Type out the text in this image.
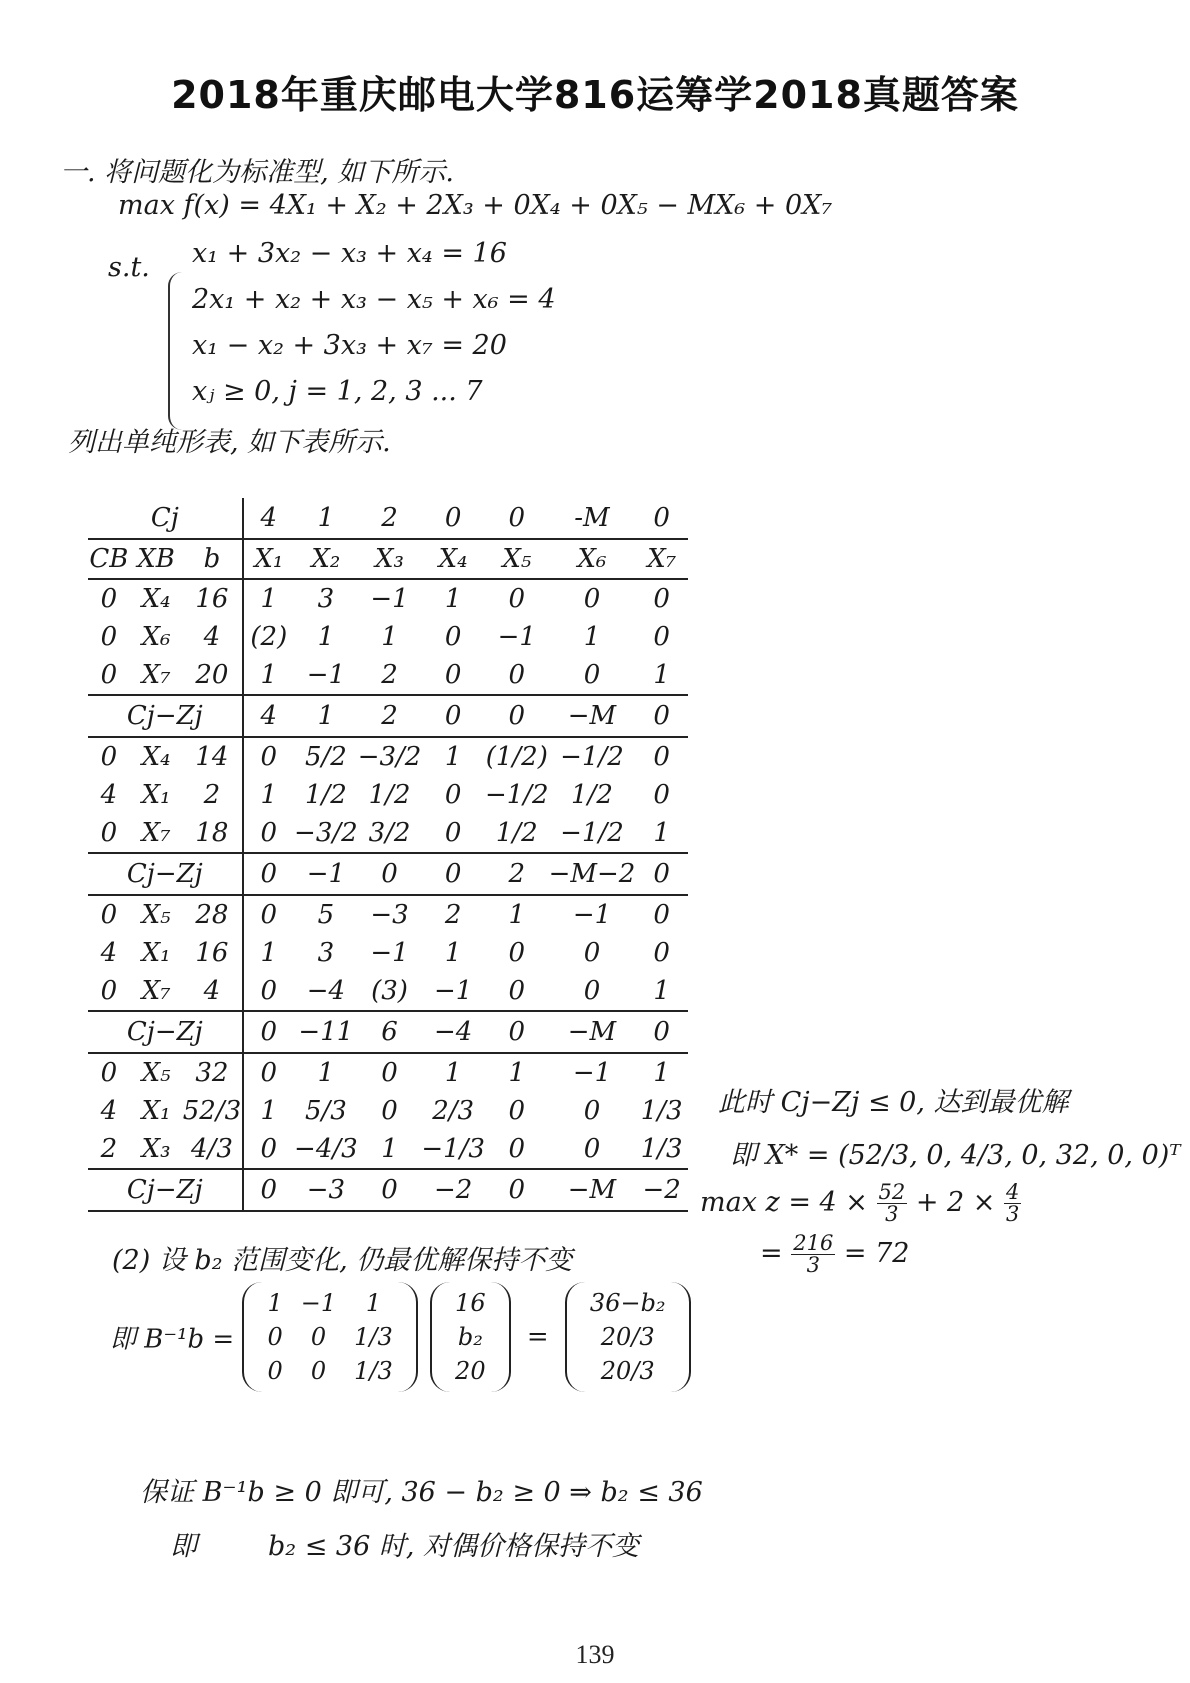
2018年重庆邮电大学816运筹学2018真题答案
一. 将问题化为标准型, 如下所示.
max f(x) = 4X₁ + X₂ + 2X₃ + 0X₄ + 0X₅ − MX₆ + 0X₇
s.t. x₁ + 3x₂ − x₃ + x₄ = 16
2x₁ + x₂ + x₃ − x₅ + x₆ = 4
x₁ − x₂ + 3x₃ + x₇ = 20
xⱼ ≥ 0, j = 1, 2, 3 ... 7
列出单纯形表, 如下表所示.
Cj			4	1	2	0	0	-M	0
CB	XB	b	X₁	X₂	X₃	X₄	X₅	X₆	X₇
0	X₄	16	1	3	−1	1	0	0	0
0	X₆	4	(2)	1	1	0	−1	1	0
0	X₇	20	1	−1	2	0	0	0	1
Cj−Zj			4	1	2	0	0	−M	0
0	X₄	14	0	5/2	−3/2	1	(1/2)	−1/2	0
4	X₁	2	1	1/2	1/2	0	−1/2	1/2	0
0	X₇	18	0	−3/2	3/2	0	1/2	−1/2	1
Cj−Zj			0	−1	0	0	2	−M−2	0
0	X₅	28	0	5	−3	2	1	−1	0
4	X₁	16	1	3	−1	1	0	0	0
0	X₇	4	0	−4	(3)	−1	0	0	1
Cj−Zj			0	−11	6	−4	0	−M	0
0	X₅	32	0	1	0	1	1	−1	1
4	X₁	52/3	1	5/3	0	2/3	0	0	1/3
2	X₃	4/3	0	−4/3	1	−1/3	0	0	1/3
Cj−Zj			0	−3	0	−2	0	−M	−2
此时 Cj−Zj ≤ 0, 达到最优解
即 X* = (52/3, 0, 4/3, 0, 32, 0, 0)ᵀ
$\max z = 4 \times \frac{52}{3} + 2 \times \frac{4}{3}$
= $\frac{216}{3} = 72$
(2) 设 b₂ 范围变化, 仍最优解保持不变
即 B⁻¹b =
1	−1	1
0	0	1/3
0	0	1/3

16
b₂
20
=
36−b₂
20/3
20/3
保证 B⁻¹b ≥ 0 即可, 36 − b₂ ≥ 0 ⇒ b₂ ≤ 36
即	b₂ ≤ 36 时, 对偶价格保持不变
139
